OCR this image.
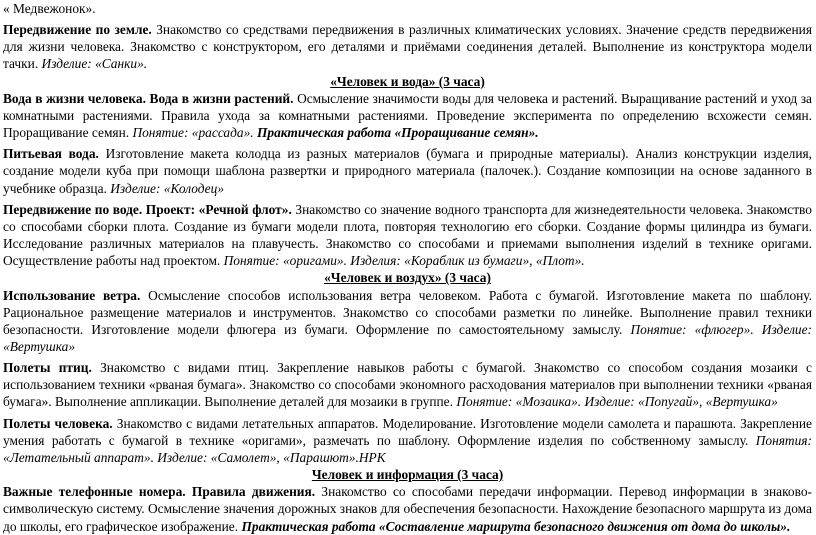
« Медвежонок».

Передвижение по земле. Знакомство со средствами передвижения в различных климатических условиях. Значение средств передвижения для жизни человека. Знакомство с конструктором, его деталями и приёмами соединения деталей. Выполнение из конструктора модели тачки. Изделие: «Санки».

«Человек и вода» (3 часа)

Вода в жизни человека. Вода в жизни растений. Осмысление значимости воды для человека и растений. Выращивание растений и уход за комнатными растениями. Правила ухода за комнатными растениями. Проведение эксперимента по определению всхожести семян. Проращивание семян. Понятие: «рассада». Практическая работа «Проращивание семян».

Питьевая вода. Изготовление макета колодца из разных материалов (бумага и природные материалы). Анализ конструкции изделия, создание модели куба при помощи шаблона развертки и природного материала (палочек.). Создание композиции на основе заданного в учебнике образца. Изделие: «Колодец»

Передвижение по воде. Проект: «Речной флот». Знакомство со значение водного транспорта для жизнедеятельности человека. Знакомство со способами сборки плота. Создание из бумаги модели плота, повторяя технологию его сборки. Создание формы цилиндра из бумаги. Исследование различных материалов на плавучесть. Знакомство со способами и приемами выполнения изделий в технике оригами. Осуществление работы над проектом. Понятие: «оригами». Изделия: «Кораблик из бумаги», «Плот».

«Человек и воздух» (3 часа)

Использование ветра. Осмысление способов использования ветра человеком. Работа с бумагой. Изготовление макета по шаблону. Рациональное размещение материалов и инструментов. Знакомство со способами разметки по линейке. Выполнение правил техники безопасности. Изготовление модели флюгера из бумаги. Оформление по самостоятельному замыслу. Понятие: «флюгер». Изделие: «Вертушка»

Полеты птиц. Знакомство с видами птиц. Закрепление навыков работы с бумагой. Знакомство со способом создания мозаики с использованием техники «рваная бумага». Знакомство со способами экономного расходования материалов при выполнении техники «рваная бумага». Выполнение аппликации. Выполнение деталей для мозаики в группе. Понятие: «Мозаика». Изделие: «Попугай», «Вертушка»

Полеты человека. Знакомство с видами летательных аппаратов. Моделирование. Изготовление модели самолета и парашюта. Закрепление умения работать с бумагой в технике «оригами», размечать по шаблону. Оформление изделия по собственному замыслу. Понятия: «Летательный аппарат». Изделие: «Самолет», «Парашют».НРК

Человек и информация (3 часа)

Важные телефонные номера. Правила движения. Знакомство со способами передачи информации. Перевод информации в знаково-символическую систему. Осмысление значения дорожных знаков для обеспечения безопасности. Нахождение безопасного маршрута из дома до школы, его графическое изображение. Практическая работа «Составление маршрута безопасного движения от дома до школы».
